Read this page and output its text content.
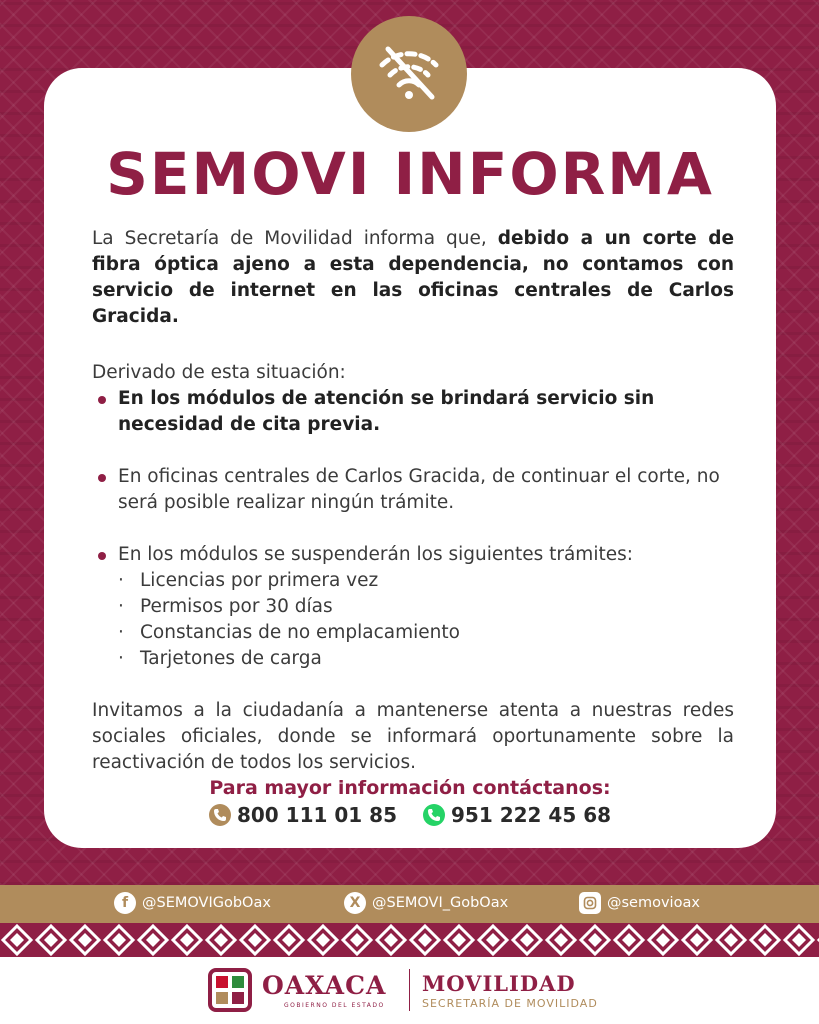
SEMOVI INFORMA

La Secretaría de Movilidad informa que, debido a un corte de fibra óptica ajeno a esta dependencia, no contamos con servicio de internet en las oficinas centrales de Carlos Gracida.

Derivado de esta situación:

En los módulos de atención se brindará servicio sin necesidad de cita previa.

En oficinas centrales de Carlos Gracida, de continuar el corte, no será posible realizar ningún trámite.

En los módulos se suspenderán los siguientes trámites:

· Licencias por primera vez

· Permisos por 30 días

· Constancias de no emplacamiento

· Tarjetones de carga

Invitamos a la ciudadanía a mantenerse atenta a nuestras redes sociales oficiales, donde se informará oportunamente sobre la reactivación de todos los servicios.

Para mayor información contáctanos:
800 111 01 85	951 222 45 68
f @SEMOVIGobOax	X @SEMOVI_GobOax	@semovioax
OAXACA
GOBIERNO DEL ESTADO
MOVILIDAD
SECRETARÍA DE MOVILIDAD
